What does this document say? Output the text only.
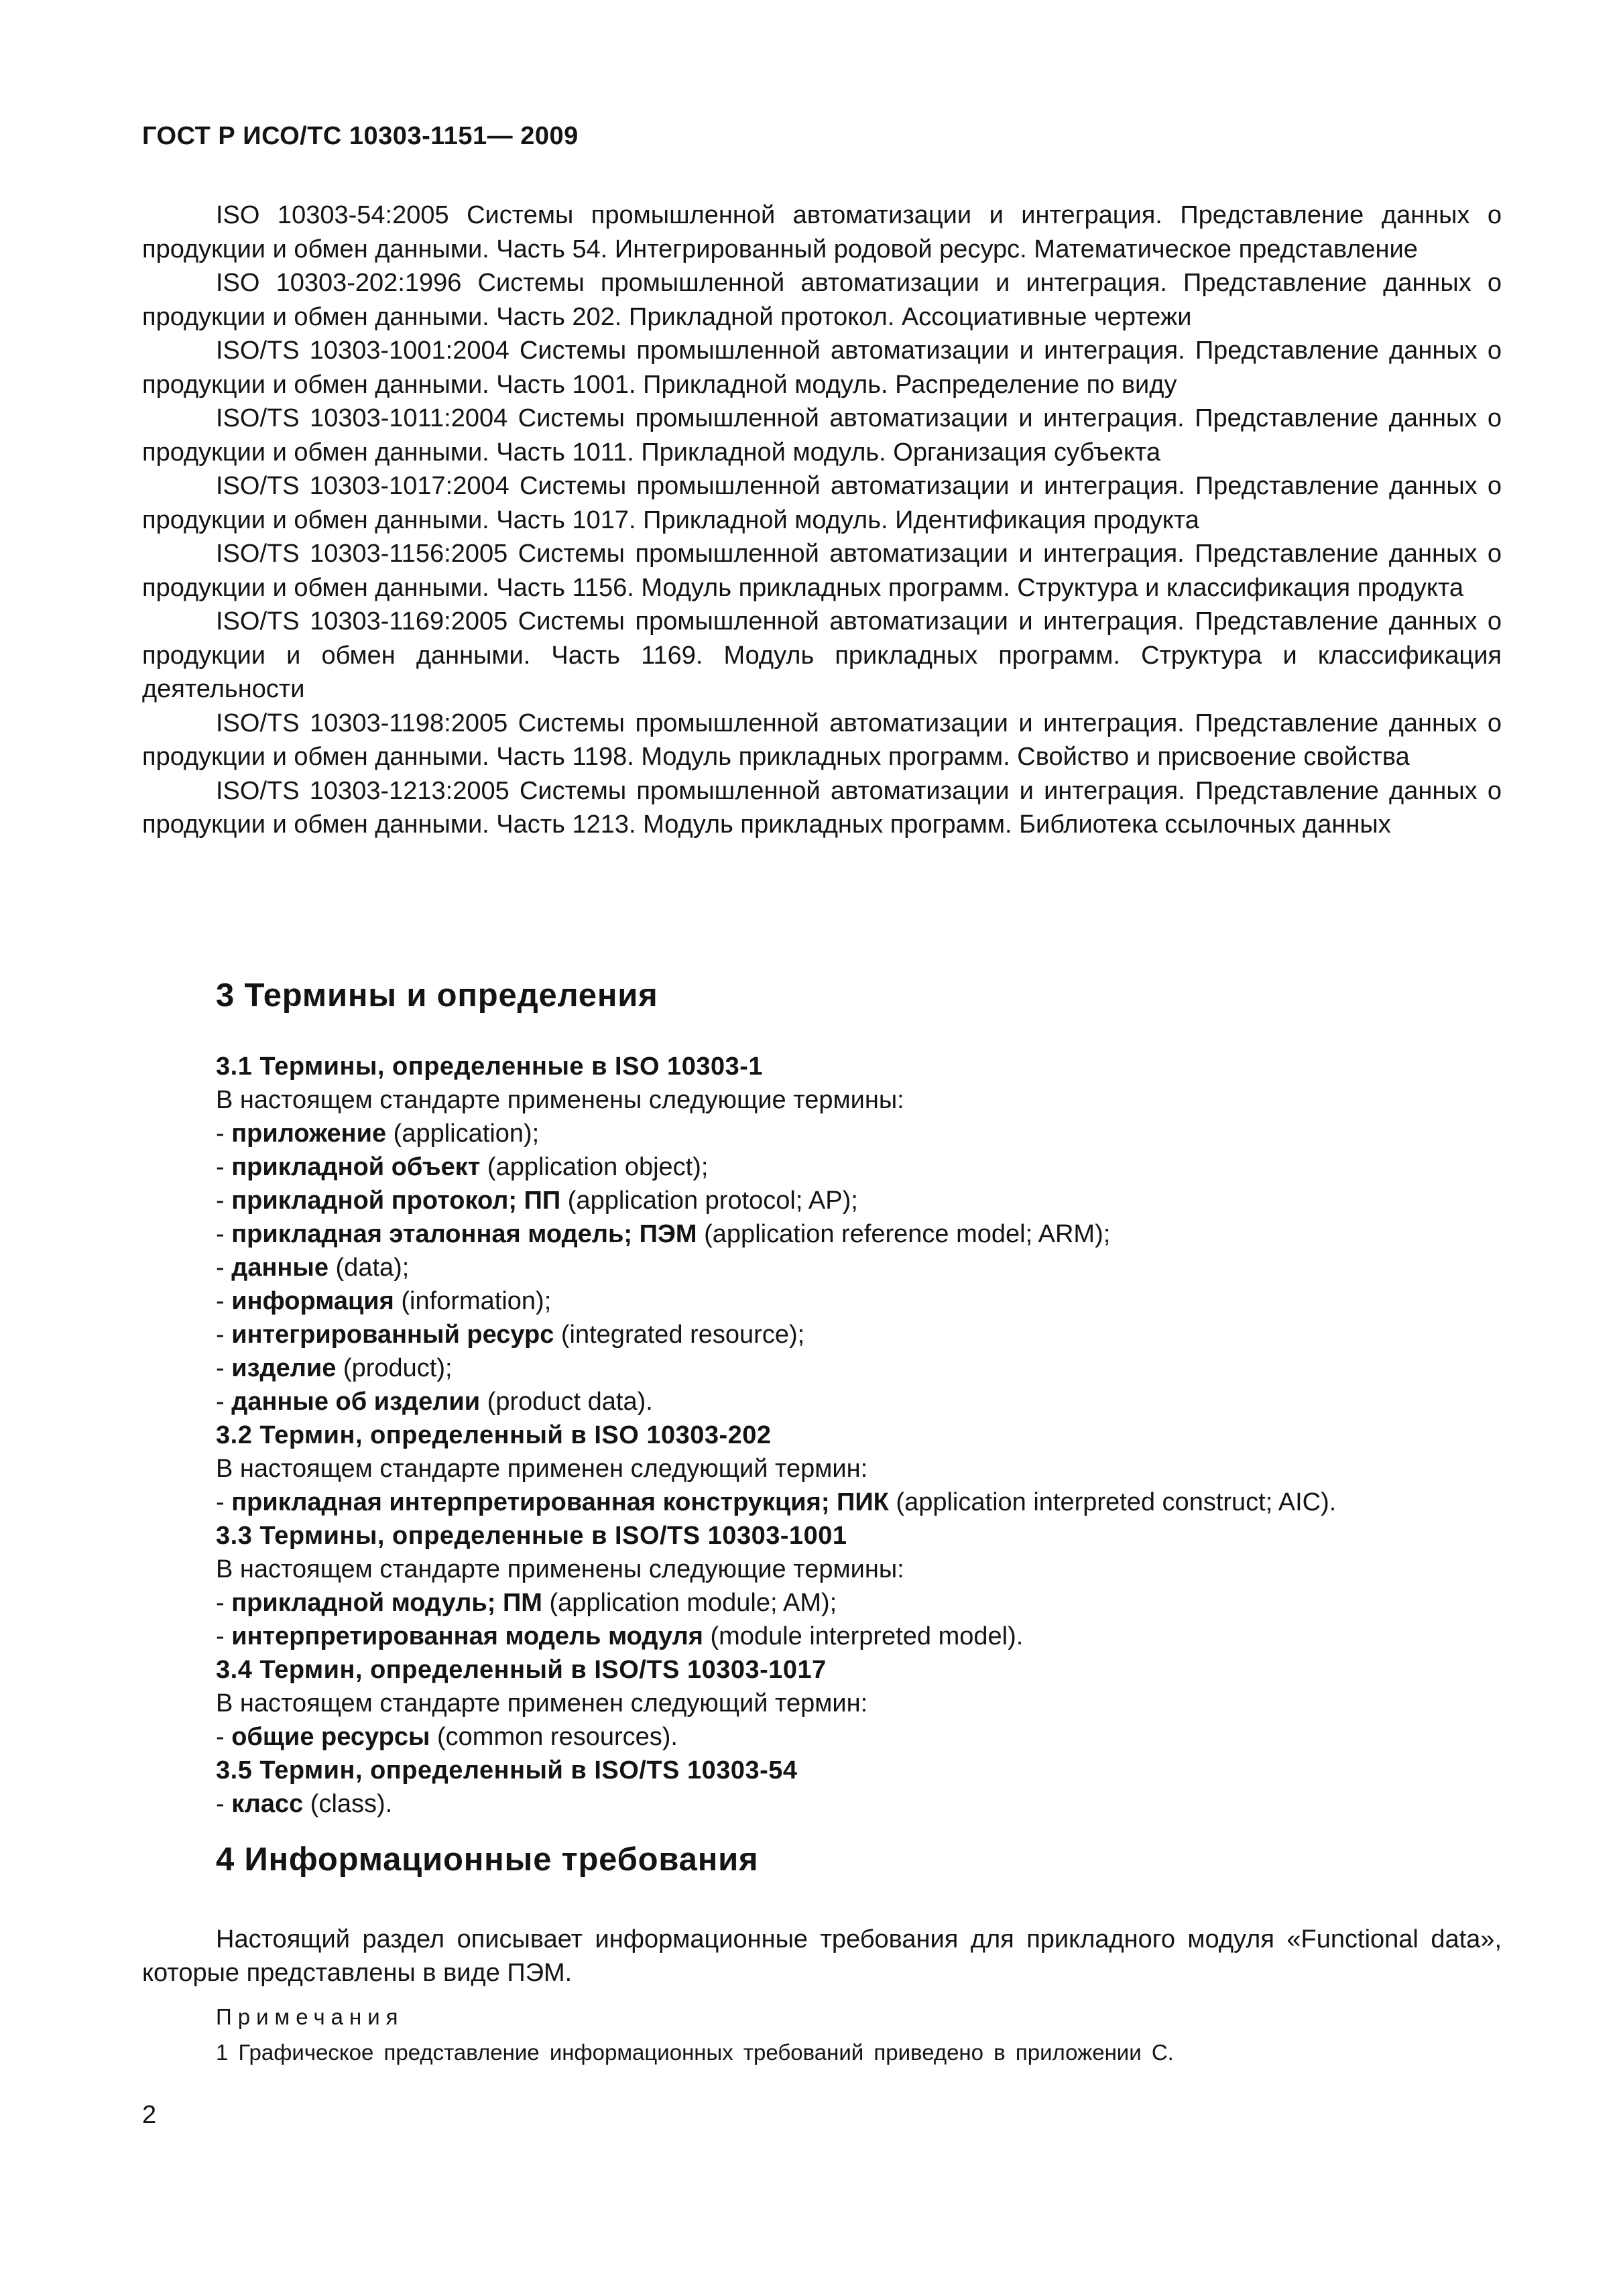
ГОСТ Р ИСО/ТС 10303-1151— 2009

ISO 10303-54:2005 Системы промышленной автоматизации и интеграция. Представление данных о продукции и обмен данными. Часть 54. Интегрированный родовой ресурс. Математическое представление

ISO 10303-202:1996 Системы промышленной автоматизации и интеграция. Представление данных о продукции и обмен данными. Часть 202. Прикладной протокол. Ассоциативные чертежи

ISO/TS 10303-1001:2004 Системы промышленной автоматизации и интеграция. Представление данных о продукции и обмен данными. Часть 1001. Прикладной модуль. Распределение по виду

ISO/TS 10303-1011:2004 Системы промышленной автоматизации и интеграция. Представление данных о продукции и обмен данными. Часть 1011. Прикладной модуль. Организация субъекта

ISO/TS 10303-1017:2004 Системы промышленной автоматизации и интеграция. Представление данных о продукции и обмен данными. Часть 1017. Прикладной модуль. Идентификация продукта

ISO/TS 10303-1156:2005 Системы промышленной автоматизации и интеграция. Представление данных о продукции и обмен данными. Часть 1156. Модуль прикладных программ. Структура и классификация продукта

ISO/TS 10303-1169:2005 Системы промышленной автоматизации и интеграция. Представление данных о продукции и обмен данными. Часть 1169. Модуль прикладных программ. Структура и классификация деятельности

ISO/TS 10303-1198:2005 Системы промышленной автоматизации и интеграция. Представление данных о продукции и обмен данными. Часть 1198. Модуль прикладных программ. Свойство и присвоение свойства

ISO/TS 10303-1213:2005 Системы промышленной автоматизации и интеграция. Представление данных о продукции и обмен данными. Часть 1213. Модуль прикладных программ. Библиотека ссылочных данных

3 Термины и определения
3.1 Термины, определенные в ISO 10303-1
В настоящем стандарте применены следующие термины:
- приложение (application);
- прикладной объект (application object);
- прикладной протокол; ПП (application protocol; AP);
- прикладная эталонная модель; ПЭМ (application reference model; ARM);
- данные (data);
- информация (information);
- интегрированный ресурс (integrated resource);
- изделие (product);
- данные об изделии (product data).
3.2 Термин, определенный в ISO 10303-202
В настоящем стандарте применен следующий термин:
- прикладная интерпретированная конструкция; ПИК (application interpreted construct; AIC).
3.3 Термины, определенные в ISO/TS 10303-1001
В настоящем стандарте применены следующие термины:
- прикладной модуль; ПМ (application module; AM);
- интерпретированная модель модуля (module interpreted model).
3.4 Термин, определенный в ISO/TS 10303-1017
В настоящем стандарте применен следующий термин:
- общие ресурсы (common resources).
3.5 Термин, определенный в ISO/TS 10303-54
- класс (class).
4 Информационные требования
Настоящий раздел описывает информационные требования для прикладного модуля «Functional data», которые представлены в виде ПЭМ.
Примечания
1 Графическое представление информационных требований приведено в приложении С.
2
